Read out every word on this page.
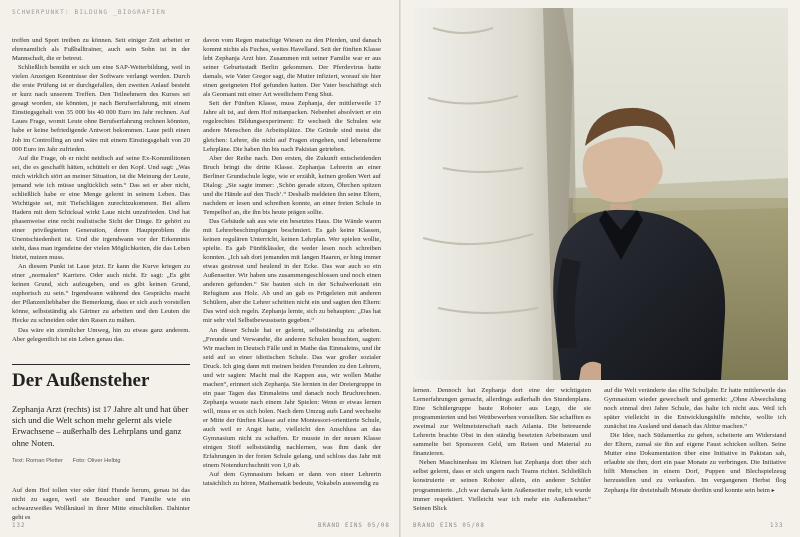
SCHWERPUNKT: BILDUNG _BIOGRAFIEN

treffen und Sport treiben zu können. Seit einiger Zeit arbeitet er ehrenamtlich als Fußballtrainer, auch sein Sohn ist in der Mannschaft, die er betreut.

Schließlich bemüht er sich um eine SAP-Weiterbildung, weil in vielen Anzeigen Kenntnisse der Software verlangt werden. Durch die erste Prüfung ist er durchgefallen, den zweiten Anlauf besteht er kurz nach unserem Treffen. Den Teilnehmern des Kurses sei gesagt worden, sie könnten, je nach Berufserfahrung, mit einem Einstiegsgehalt von 35 000 bis 40 000 Euro im Jahr rechnen. Auf Laues Frage, womit Leute ohne Berufserfahrung rechnen könnten, habe er keine befriedigende Antwort bekommen. Laue peilt einen Job im Controlling an und wäre mit einem Einstiegsgehalt von 20 000 Euro im Jahr zufrieden.

Auf die Frage, ob er nicht neidisch auf seine Ex-Kommilitonen sei, die es geschafft hätten, schüttelt er den Kopf. Und sagt: „Was mich wirklich stört an meiner Situation, ist die Meinung der Leute, jemand wie ich müsse unglücklich sein.“ Das sei er aber nicht, schließlich habe er eine Menge gelernt in seinem Leben. Das Wichtigste sei, mit Tiefschlägen zurechtzukommen. Bei allem Hadern mit dem Schicksal wirkt Laue nicht unzufrieden. Und hat phasenweise eine recht realistische Sicht der Dinge. Er gehört zu einer privilegierten Generation, deren Hauptproblem die Unentschiedenheit ist. Und die irgendwann vor der Erkenntnis steht, dass man irgendeine der vielen Möglichkeiten, die das Leben bietet, nutzen muss.

An diesem Punkt ist Laue jetzt. Er kann die Kurve kriegen zu einer „normalen“ Karriere. Oder auch nicht. Er sagt: „Es gibt keinen Grund, sich aufzugeben, und es gibt keinen Grund, euphorisch zu sein.“ Irgendwann während des Gesprächs macht der Pflanzenliebhaber die Bemerkung, dass er sich auch vorstellen könne, selbstständig als Gärtner zu arbeiten und den Leuten die Hecke zu schneiden oder den Rasen zu mähen.

Das wäre ein ziemlicher Umweg, hin zu etwas ganz anderem. Aber gelegentlich ist ein Leben genau das.

Der Außensteher

Zephanja Arzt (rechts) ist 17 Jahre alt und hat über sich und die Welt schon mehr gelernt als viele Erwachsene – außerhalb des Lehrplans und ganz ohne Noten.

Text: Roman Pletter Foto: Oliver Helbig

Auf dem Hof tollen vier oder fünf Hunde herum, genau ist das nicht zu sagen, weil sie Besucher und Familie wie ein schwarzweißes Wollknäuel in ihrer Mitte einschließen. Dahinter geht es

davon vom Regen matschige Wiesen zu den Pferden, und danach kommt nichts als Fuches, weites Havelland. Seit der fünften Klasse lebt Zephanja Arzt hier. Zusammen mit seiner Familie war er aus seiner Geburtsstadt Berlin gekommen. Der Pferdevirus hatte damals, wie Vater Gregor sagt, die Mutter infiziert, worauf sie hier einen geeigneten Hof gefunden hatten. Der Vater beschäftigt sich als Geomant mit einer Art westlichem Feng Shui.

Seit der Fünften Klasse, muss Zephanja, der mittlerweile 17 Jahre alt ist, auf dem Hof mitanpacken. Nebenbei absolviert er ein regelrechtes Bildungsexperiment: Er wechselt die Schulen wie andere Menschen die Arbeitsplätze. Die Gründe sind meist die gleichen: Lehrer, die nicht auf Fragen eingehen, und lebensferne Lehrpläne. Die haben ihn bis nach Pakistan getrieben.

Aber der Reihe nach. Den ersten, die Zukunft entscheidenden Bruch bringt die dritte Klasse. Zephanjas Lehrerin an einer Berliner Grundschule legte, wie er erzählt, keinen großen Wert auf Dialog: „Sie sagte immer: ‚Schön gerade sitzen, Öhrchen spitzen und die Hände auf den Tisch‘.“ Deshalb meldeten ihn seine Eltern, nachdem er lesen und schreiben konnte, an einer freien Schule in Tempelhof an, die ihn bis heute prägen sollte.

Das Gebäude sah aus wie ein besetztes Haus. Die Wände waren mit Lehrerbeschimpfungen beschmiert. Es gab keine Klassen, keinen regulären Unterricht, keinen Lehrplan. Wer spielen wollte, spielte. Es gab Fünftklässler, die weder lesen noch schreiben konnten. „Ich sah dort jemanden mit langen Haaren, er hing immer etwas gestresst und heulend in der Ecke. Das war auch so ein Außenseiter. Wir haben uns zusammengeschlossen und noch einen anderen gefunden.“ Sie bauten sich in der Schulwerkstatt ein Refugium aus Holz. Ab und an gab es Prügeleien mit anderen Schülern, aber die Lehrer schritten nicht ein und sagten den Eltern: Das wird sich regeln. Zephanja lernte, sich zu behaupten: „Das hat mir sehr viel Selbstbewusstsein gegeben.“

An dieser Schule hat er gelernt, selbstständig zu arbeiten. „Freunde und Verwandte, die anderen Schulen besuchten, sagten: Wir machen in Deutsch Fälle und in Mathe das Einmaleins, und ihr seid auf so einer idiotischen Schule. Das war großer sozialer Druck. Ich ging dann mit meinen beiden Freunden zu den Lehrern, und wir sagten: Macht mal die Kappen aus, wir wollen Mathe machen“, erinnert sich Zephanja. Sie lernten in der Dreiergruppe in ein paar Tagen das Einmaleins und danach noch Bruchrechnen. Zephanja wusste nach einem Jahr Spielen: Wenn er etwas lernen will, muss er es sich holen. Nach dem Umzug aufs Land wechselte er Mitte der fünften Klasse auf eine Montessori-orientierte Schule, auch weil er Angst hatte, vielleicht den Anschluss an das Gymnasium nicht zu schaffen. Er musste in der neuen Klasse einigen Stoff selbstständig nachlernen, was ihm dank der Erfahrungen in der freien Schule gelang, und schloss das Jahr mit einem Notendurchschnitt von 1,0 ab.

Auf dem Gymnasium bekam er dann von einer Lehrerin tatsächlich zu hören, Mathematik bedeute, Vokabeln auswendig zu

lernen. Dennoch hat Zephanja dort eine der wichtigsten Lernerfahrungen gemacht, allerdings außerhalb des Stundenplans. Eine Schülergruppe baute Roboter aus Lego, die sie programmierten und bei Wettbewerben vorstellten. Sie schafften es zweimal zur Weltmeisterschaft nach Atlanta. Die betreuende Lehrerin brachte Obst in den ständig besetzten Arbeitsraum und sammelte bei Sponsoren Geld, um Reisen und Material zu finanzieren.

Neben Maschinenbau im Kleinen hat Zephanja dort über sich selbst gelernt, dass er sich ungern nach Teams richtet. Schließlich konstruierte er seinen Roboter allein, ein anderer Schüler programmierte. „Ich war damals kein Außenseiter mehr, ich wurde immer respektiert. Vielleicht war ich mehr ein Außensteher.“ Seinen Blick

auf die Welt veränderte das elfte Schuljahr. Er hatte mittlerweile das Gymnasium wieder gewechselt und gemerkt: „Ohne Abwechslung noch einmal drei Jahre Schule, das halte ich nicht aus. Weil ich später vielleicht in die Entwicklungshilfe möchte, wollte ich zunächst ins Ausland und danach das Abitur machen.“

Die Idee, nach Südamerika zu gehen, scheiterte am Widerstand der Eltern, zumal sie ihn auf eigene Faust schicken sollten. Seine Mutter eine Dokumentation über eine Initiative in Pakistan sah, erlaubte sie ihm, dort ein paar Monate zu verbringen. Die Initiative hilft Menschen in einem Dorf, Puppen und Blechspielzeug herzustellen und zu verkaufen. Im vergangenen Herbst flog Zephanja für dreieinhalb Monate dorthin und konnte sein beim ▸

132	BRAND EINS 05/08	BRAND EINS 05/08	133
